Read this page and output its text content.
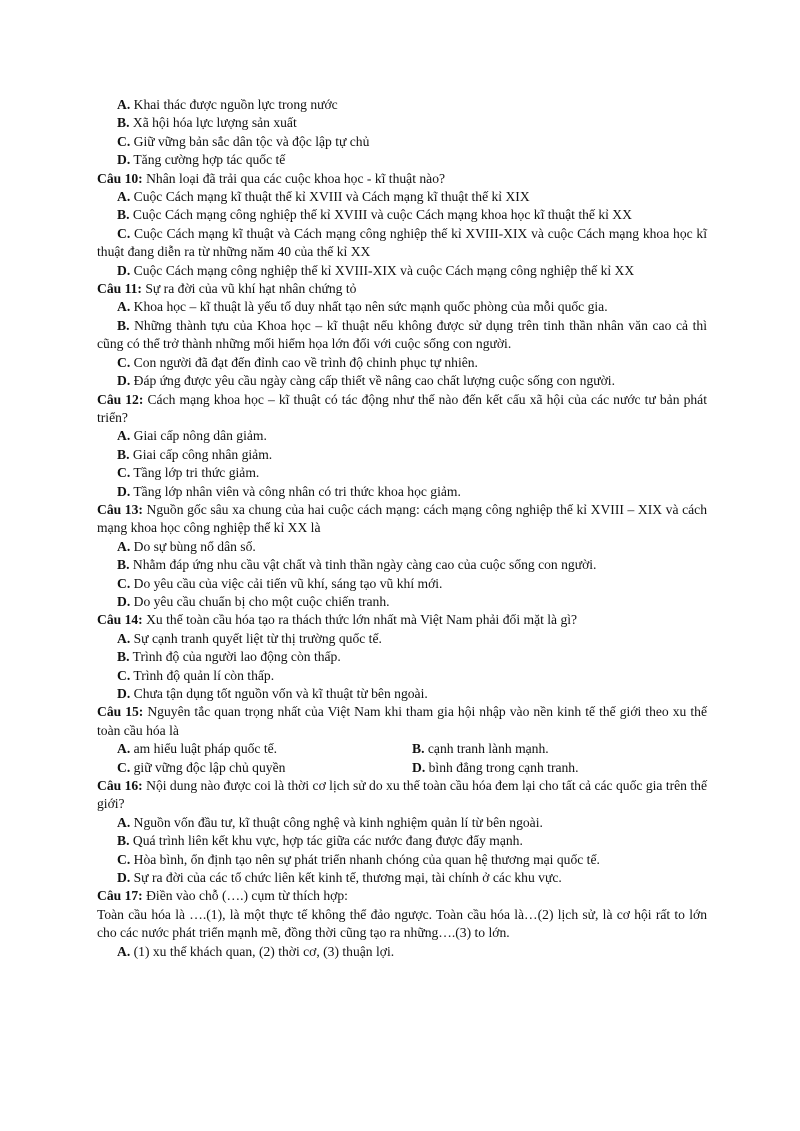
A. Khai thác được nguồn lực trong nước
B. Xã hội hóa lực lượng sản xuất
C. Giữ vững bản sắc dân tộc và độc lập tự chủ
D. Tăng cường hợp tác quốc tế
Câu 10: Nhân loại đã trải qua các cuộc khoa học - kĩ thuật nào?
A. Cuộc Cách mạng kĩ thuật thế kỉ XVIII và Cách mạng kĩ thuật thế kỉ XIX
B. Cuộc Cách mạng công nghiệp thế kỉ XVIII và cuộc Cách mạng khoa học kĩ thuật thế kỉ XX
C. Cuộc Cách mạng kĩ thuật và Cách mạng công nghiệp thế kỉ XVIII-XIX và cuộc Cách mạng khoa học kĩ thuật đang diễn ra từ những năm 40 của thế kỉ XX
D. Cuộc Cách mạng công nghiệp thế kỉ XVIII-XIX và cuộc Cách mạng công nghiệp thế kỉ XX
Câu 11: Sự ra đời của vũ khí hạt nhân chứng tỏ
A. Khoa học – kĩ thuật là yếu tố duy nhất tạo nên sức mạnh quốc phòng của mỗi quốc gia.
B. Những thành tựu của Khoa học – kĩ thuật nếu không được sử dụng trên tinh thần nhân văn cao cả thì cũng có thể trở thành những mối hiểm họa lớn đối với cuộc sống con người.
C. Con người đã đạt đến đỉnh cao về trình độ chinh phục tự nhiên.
D. Đáp ứng được yêu cầu ngày càng cấp thiết về nâng cao chất lượng cuộc sống con người.
Câu 12: Cách mạng khoa học – kĩ thuật có tác động như thế nào đến kết cấu xã hội của các nước tư bản phát triển?
A. Giai cấp nông dân giảm.
B. Giai cấp công nhân giảm.
C. Tầng lớp tri thức giảm.
D. Tầng lớp nhân viên và công nhân có tri thức khoa học giảm.
Câu 13: Nguồn gốc sâu xa chung của hai cuộc cách mạng: cách mạng công nghiệp thế kỉ XVIII – XIX và cách mạng khoa học công nghiệp thế kỉ XX là
A. Do sự bùng nổ dân số.
B. Nhằm đáp ứng nhu cầu vật chất và tinh thần ngày càng cao của cuộc sống con người.
C. Do yêu cầu của việc cải tiến vũ khí, sáng tạo vũ khí mới.
D. Do yêu cầu chuẩn bị cho một cuộc chiến tranh.
Câu 14: Xu thế toàn cầu hóa tạo ra thách thức lớn nhất mà Việt Nam phải đối mặt là gì?
A. Sự cạnh tranh quyết liệt từ thị trường quốc tế.
B. Trình độ của người lao động còn thấp.
C. Trình độ quản lí còn thấp.
D. Chưa tận dụng tốt nguồn vốn và kĩ thuật từ bên ngoài.
Câu 15: Nguyên tắc quan trọng nhất của Việt Nam khi tham gia hội nhập vào nền kinh tế thế giới theo xu thế toàn cầu hóa là
A. am hiểu luật pháp quốc tế.	B. cạnh tranh lành mạnh.
C. giữ vững độc lập chủ quyền	D. bình đẳng trong cạnh tranh.
Câu 16: Nội dung nào được coi là thời cơ lịch sử do xu thế toàn cầu hóa đem lại cho tất cả các quốc gia trên thế giới?
A. Nguồn vốn đầu tư, kĩ thuật công nghệ và kinh nghiệm quản lí từ bên ngoài.
B. Quá trình liên kết khu vực, hợp tác giữa các nước đang được đẩy mạnh.
C. Hòa bình, ổn định tạo nên sự phát triển nhanh chóng của quan hệ thương mại quốc tế.
D. Sự ra đời của các tổ chức liên kết kinh tế, thương mại, tài chính ở các khu vực.
Câu 17: Điền vào chỗ (….) cụm từ thích hợp:
Toàn cầu hóa là ….(1), là một thực tế không thể đảo ngược. Toàn cầu hóa là…(2) lịch sử, là cơ hội rất to lớn cho các nước phát triển mạnh mẽ, đồng thời cũng tạo ra những….(3) to lớn.
A. (1) xu thế khách quan, (2) thời cơ, (3) thuận lợi.
